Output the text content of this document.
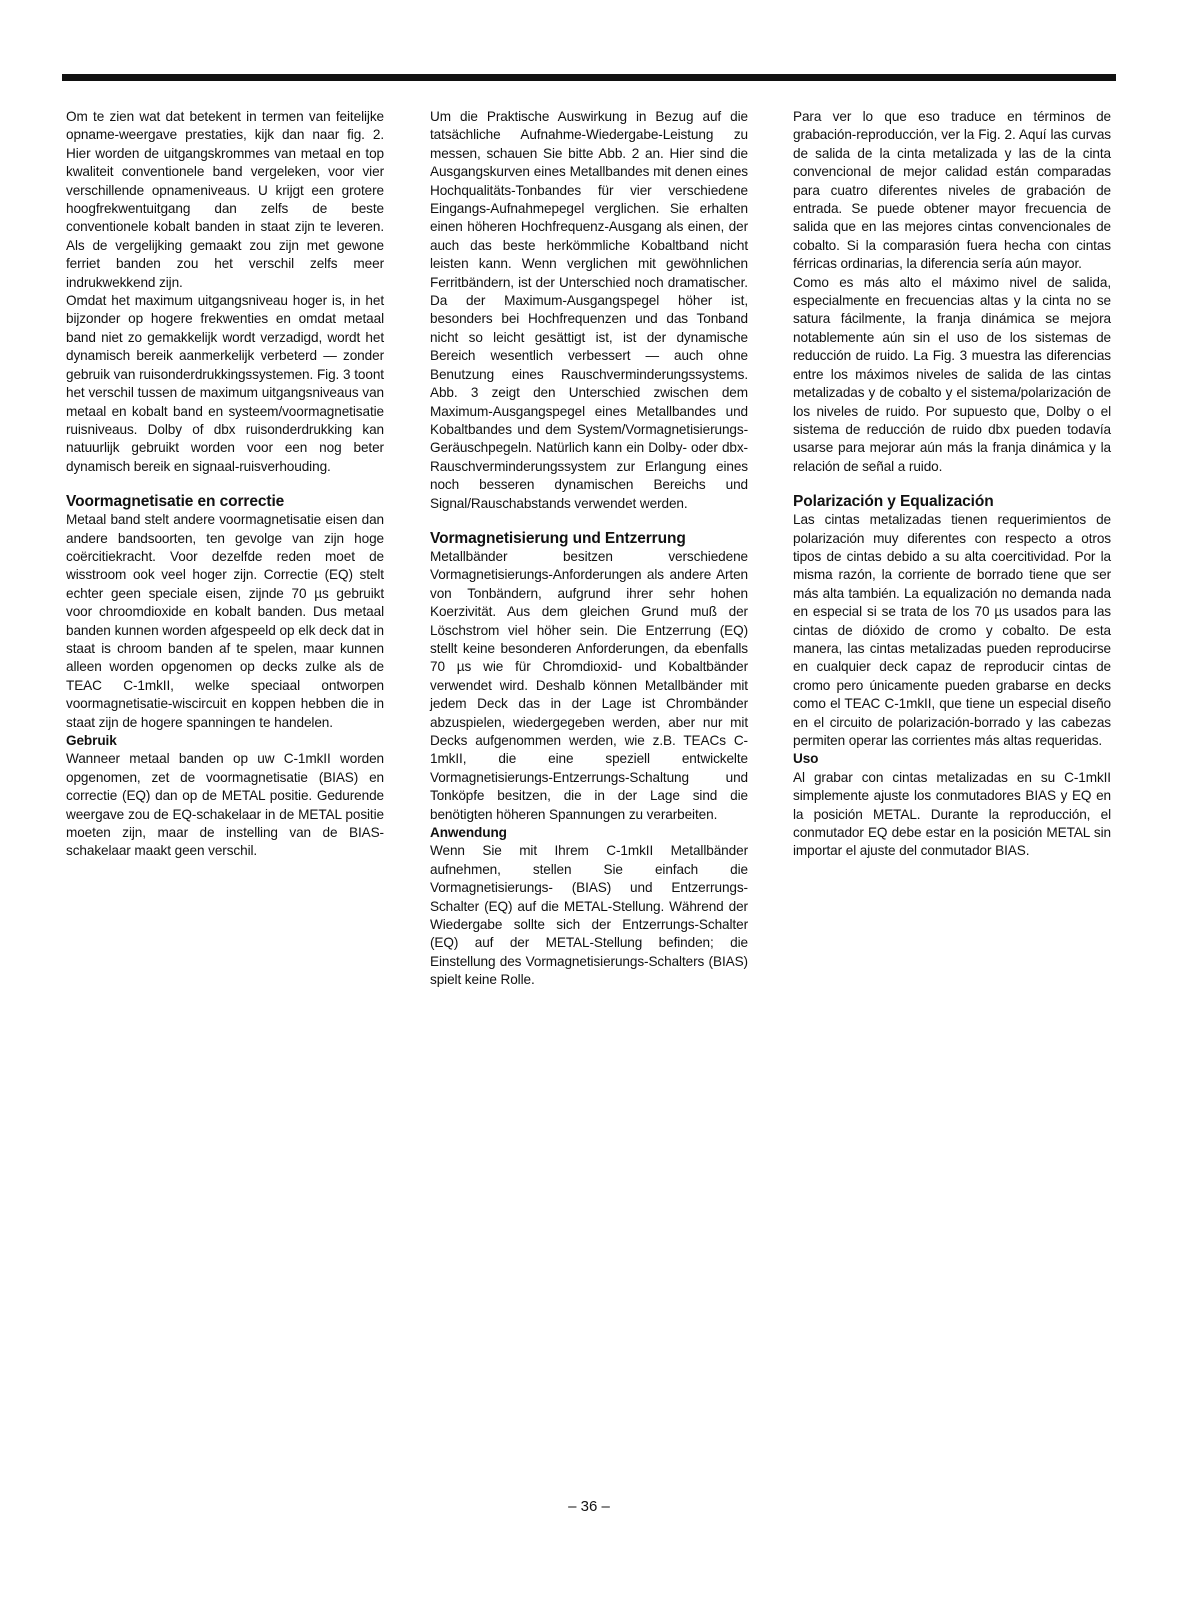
Om te zien wat dat betekent in termen van feitelijke opname-weergave prestaties, kijk dan naar fig. 2. Hier worden de uitgangskrommes van metaal en top kwaliteit conventionele band vergeleken, voor vier verschillende opnameniveaus. U krijgt een grotere hoogfrekwentuitgang dan zelfs de beste conventionele kobalt banden in staat zijn te leveren. Als de vergelijking gemaakt zou zijn met gewone ferriet banden zou het verschil zelfs meer indrukwekkend zijn.

Omdat het maximum uitgangsniveau hoger is, in het bijzonder op hogere frekwenties en omdat metaal band niet zo gemakkelijk wordt verzadigd, wordt het dynamisch bereik aanmerkelijk verbeterd — zonder gebruik van ruisonderdrukkingssystemen. Fig. 3 toont het verschil tussen de maximum uitgangsniveaus van metaal en kobalt band en systeem/voormagnetisatie ruisniveaus. Dolby of dbx ruisonderdrukking kan natuurlijk gebruikt worden voor een nog beter dynamisch bereik en signaal-ruisverhouding.

Voormagnetisatie en correctie

Metaal band stelt andere voormagnetisatie eisen dan andere bandsoorten, ten gevolge van zijn hoge coërcitiekracht. Voor dezelfde reden moet de wisstroom ook veel hoger zijn. Correctie (EQ) stelt echter geen speciale eisen, zijnde 70 µs gebruikt voor chroomdioxide en kobalt banden. Dus metaal banden kunnen worden afgespeeld op elk deck dat in staat is chroom banden af te spelen, maar kunnen alleen worden opgenomen op decks zulke als de TEAC C-1mkII, welke speciaal ontworpen voormagnetisatie-wiscircuit en koppen hebben die in staat zijn de hogere spanningen te handelen.

Gebruik

Wanneer metaal banden op uw C-1mkII worden opgenomen, zet de voormagnetisatie (BIAS) en correctie (EQ) dan op de METAL positie. Gedurende weergave zou de EQ-schakelaar in de METAL positie moeten zijn, maar de instelling van de BIAS-schakelaar maakt geen verschil.

Um die Praktische Auswirkung in Bezug auf die tatsächliche Aufnahme-Wiedergabe-Leistung zu messen, schauen Sie bitte Abb. 2 an. Hier sind die Ausgangskurven eines Metallbandes mit denen eines Hochqualitäts-Tonbandes für vier verschiedene Eingangs-Aufnahmepegel verglichen. Sie erhalten einen höheren Hochfrequenz-Ausgang als einen, der auch das beste herkömmliche Kobaltband nicht leisten kann. Wenn verglichen mit gewöhnlichen Ferritbändern, ist der Unterschied noch dramatischer. Da der Maximum-Ausgangspegel höher ist, besonders bei Hochfrequenzen und das Tonband nicht so leicht gesättigt ist, ist der dynamische Bereich wesentlich verbessert — auch ohne Benutzung eines Rauschverminderungssystems. Abb. 3 zeigt den Unterschied zwischen dem Maximum-Ausgangspegel eines Metallbandes und Kobaltbandes und dem System/Vormagnetisierungs-Geräuschpegeln. Natürlich kann ein Dolby- oder dbx-Rauschverminderungssystem zur Erlangung eines noch besseren dynamischen Bereichs und Signal/Rauschabstands verwendet werden.

Vormagnetisierung und Entzerrung

Metallbänder besitzen verschiedene Vormagnetisierungs-Anforderungen als andere Arten von Tonbändern, aufgrund ihrer sehr hohen Koerzivität. Aus dem gleichen Grund muß der Löschstrom viel höher sein. Die Entzerrung (EQ) stellt keine besonderen Anforderungen, da ebenfalls 70 µs wie für Chromdioxid- und Kobaltbänder verwendet wird. Deshalb können Metallbänder mit jedem Deck das in der Lage ist Chrombänder abzuspielen, wiedergegeben werden, aber nur mit Decks aufgenommen werden, wie z.B. TEACs C-1mkII, die eine speziell entwickelte Vormagnetisierungs-Entzerrungs-Schaltung und Tonköpfe besitzen, die in der Lage sind die benötigten höheren Spannungen zu verarbeiten.

Anwendung

Wenn Sie mit Ihrem C-1mkII Metallbänder aufnehmen, stellen Sie einfach die Vormagnetisierungs- (BIAS) und Entzerrungs-Schalter (EQ) auf die METAL-Stellung. Während der Wiedergabe sollte sich der Entzerrungs-Schalter (EQ) auf der METAL-Stellung befinden; die Einstellung des Vormagnetisierungs-Schalters (BIAS) spielt keine Rolle.

Para ver lo que eso traduce en términos de grabación-reproducción, ver la Fig. 2. Aquí las curvas de salida de la cinta metalizada y las de la cinta convencional de mejor calidad están comparadas para cuatro diferentes niveles de grabación de entrada. Se puede obtener mayor frecuencia de salida que en las mejores cintas convencionales de cobalto. Si la comparasión fuera hecha con cintas férricas ordinarias, la diferencia sería aún mayor.

Como es más alto el máximo nivel de salida, especialmente en frecuencias altas y la cinta no se satura fácilmente, la franja dinámica se mejora notablemente aún sin el uso de los sistemas de reducción de ruido. La Fig. 3 muestra las diferencias entre los máximos niveles de salida de las cintas metalizadas y de cobalto y el sistema/polarización de los niveles de ruido. Por supuesto que, Dolby o el sistema de reducción de ruido dbx pueden todavía usarse para mejorar aún más la franja dinámica y la relación de señal a ruido.

Polarización y Equalización

Las cintas metalizadas tienen requerimientos de polarización muy diferentes con respecto a otros tipos de cintas debido a su alta coercitividad. Por la misma razón, la corriente de borrado tiene que ser más alta también. La equalización no demanda nada en especial si se trata de los 70 µs usados para las cintas de dióxido de cromo y cobalto. De esta manera, las cintas metalizadas pueden reproducirse en cualquier deck capaz de reproducir cintas de cromo pero únicamente pueden grabarse en decks como el TEAC C-1mkII, que tiene un especial diseño en el circuito de polarización-borrado y las cabezas permiten operar las corrientes más altas requeridas.

Uso

Al grabar con cintas metalizadas en su C-1mkII simplemente ajuste los conmutadores BIAS y EQ en la posición METAL. Durante la reproducción, el conmutador EQ debe estar en la posición METAL sin importar el ajuste del conmutador BIAS.

– 36 –
